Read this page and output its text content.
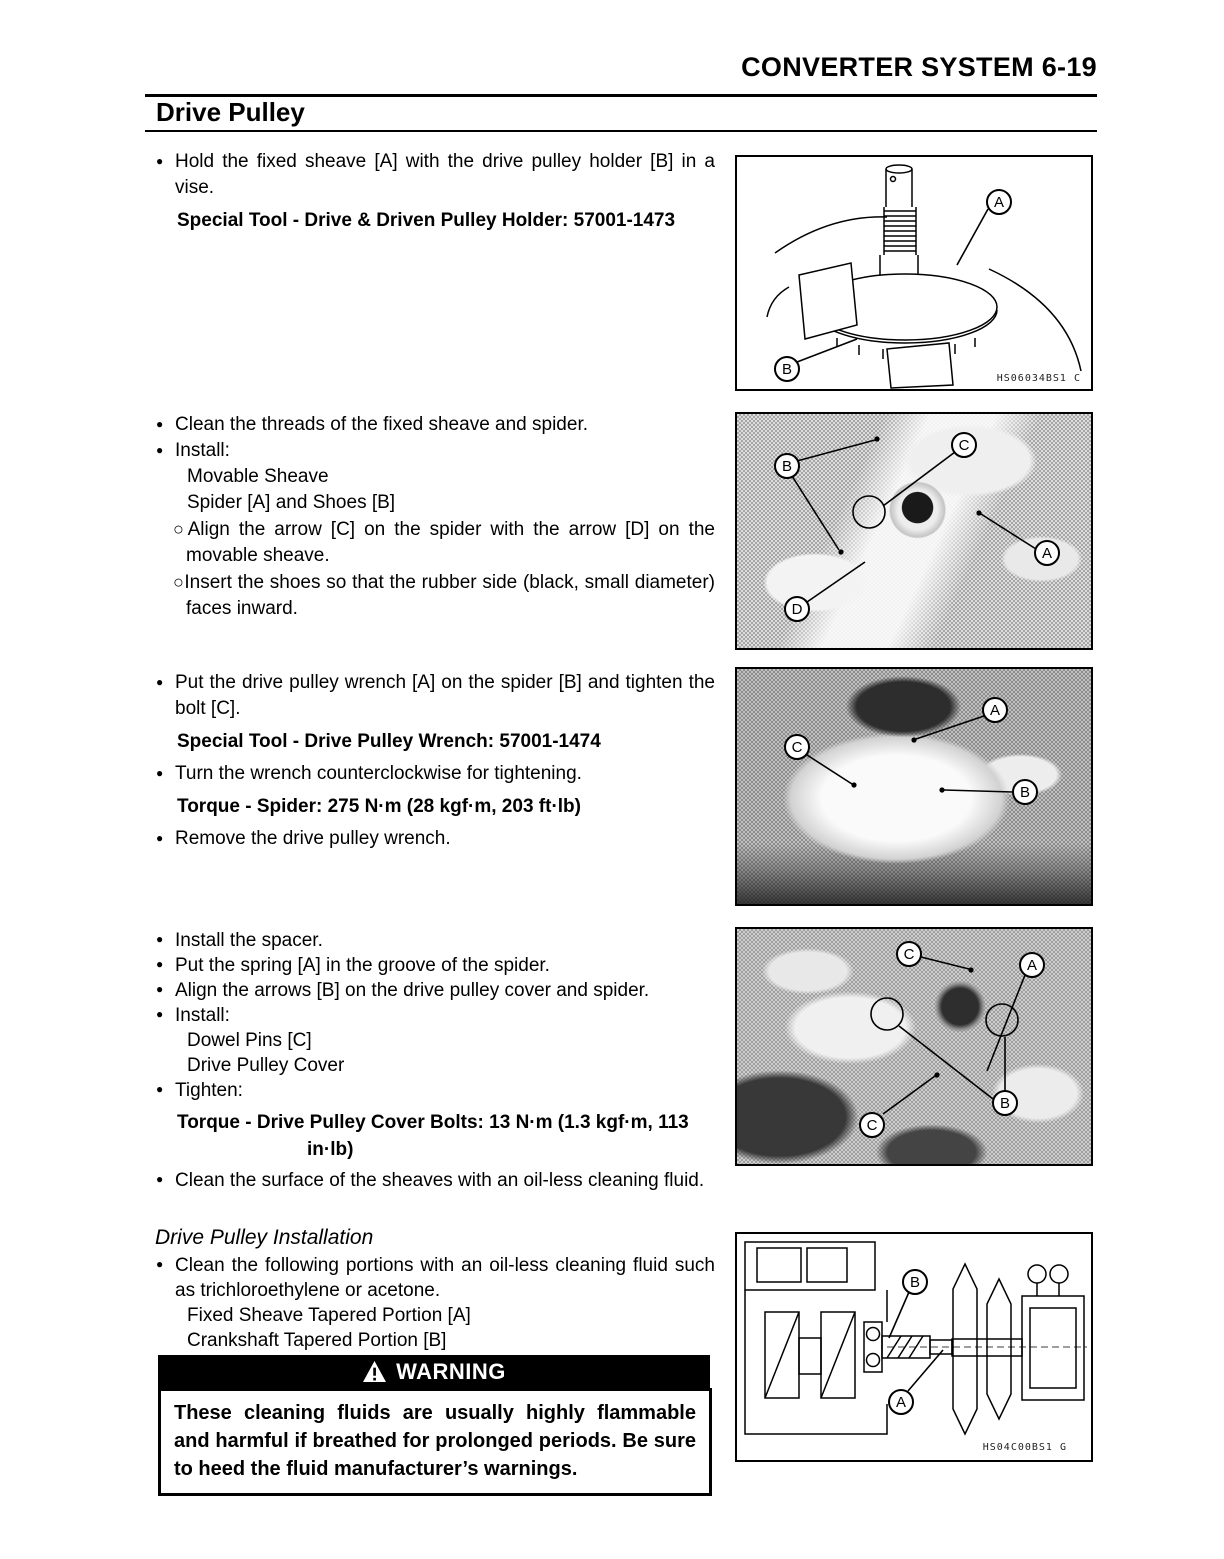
CONVERTER SYSTEM 6-19
Drive Pulley
● Hold the fixed sheave [A] with the drive pulley holder [B] in a vise.
Special Tool - Drive & Driven Pulley Holder: 57001-1473
● Clean the threads of the fixed sheave and spider.
● Install:
Movable Sheave
Spider [A] and Shoes [B]
○Align the arrow [C] on the spider with the arrow [D] on the movable sheave.
○Insert the shoes so that the rubber side (black, small diameter) faces inward.
● Put the drive pulley wrench [A] on the spider [B] and tighten the bolt [C].
Special Tool - Drive Pulley Wrench: 57001-1474
● Turn the wrench counterclockwise for tightening.
Torque - Spider: 275 N·m (28 kgf·m, 203 ft·lb)
● Remove the drive pulley wrench.
● Install the spacer.
● Put the spring [A] in the groove of the spider.
● Align the arrows [B] on the drive pulley cover and spider.
● Install:
Dowel Pins [C]
Drive Pulley Cover
● Tighten:
Torque - Drive Pulley Cover Bolts: 13 N·m (1.3 kgf·m, 113
in·lb)
● Clean the surface of the sheaves with an oil-less cleaning fluid.
Drive Pulley Installation
● Clean the following portions with an oil-less cleaning fluid such as trichloroethylene or acetone.
Fixed Sheave Tapered Portion [A]
Crankshaft Tapered Portion [B]
WARNING
These cleaning fluids are usually highly flammable and harmful if breathed for prolonged periods. Be sure to heed the fluid manufacturer’s warnings.
A
B
HS06034BS1 C
B
C
A
D
A
C
B
C
A
B
C
B
A
HS04C00BS1 G
